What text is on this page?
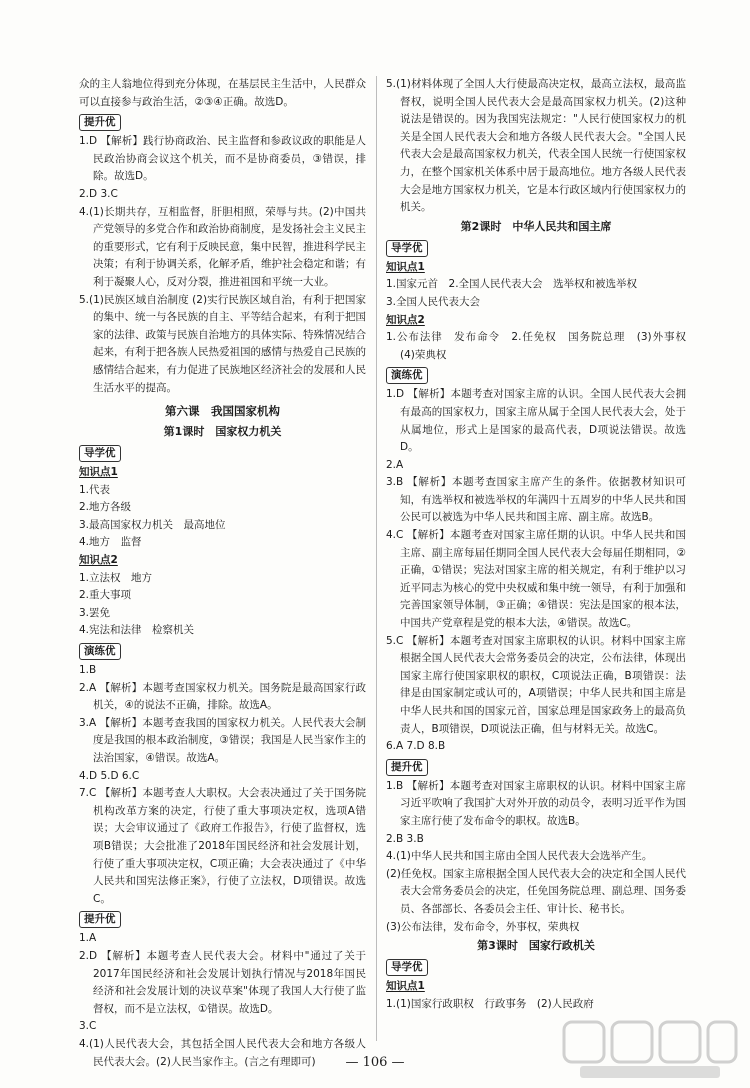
众的主人翁地位得到充分体现，在基层民主生活中，人民群众可以直接参与政治生活，②③④正确。故选D。

提升优

1.D 【解析】践行协商政治、民主监督和参政议政的职能是人民政治协商会议这个机关，而不是协商委员，③错误，排除。故选D。

2.D 3.C

4.(1)长期共存，互相监督，肝胆相照，荣辱与共。(2)中国共产党领导的多党合作和政治协商制度，是发扬社会主义民主的重要形式，它有利于反映民意，集中民智，推进科学民主决策；有利于协调关系，化解矛盾，维护社会稳定和谐；有利于凝聚人心，反对分裂，推进祖国和平统一大业。

5.(1)民族区域自治制度 (2)实行民族区域自治，有利于把国家的集中、统一与各民族的自主、平等结合起来，有利于把国家的法律、政策与民族自治地方的具体实际、特殊情况结合起来，有利于把各族人民热爱祖国的感情与热爱自己民族的感情结合起来，有力促进了民族地区经济社会的发展和人民生活水平的提高。

第六课　我国国家机构
第1课时　国家权力机关
导学优
知识点1

1.代表

2.地方各级

3.最高国家权力机关　最高地位

4.地方　监督

知识点2

1.立法权　地方

2.重大事项

3.罢免

4.宪法和法律　检察机关

演练优

1.B

2.A 【解析】本题考查国家权力机关。国务院是最高国家行政机关，④的说法不正确，排除。故选A。

3.A 【解析】本题考查我国的国家权力机关。人民代表大会制度是我国的根本政治制度，③错误；我国是人民当家作主的法治国家，④错误。故选A。

4.D 5.D 6.C

7.C 【解析】本题考查人大职权。大会表决通过了关于国务院机构改革方案的决定，行使了重大事项决定权，选项A错误；大会审议通过了《政府工作报告》，行使了监督权，选项B错误；大会批准了2018年国民经济和社会发展计划，行使了重大事项决定权，C项正确；大会表决通过了《中华人民共和国宪法修正案》，行使了立法权，D项错误。故选C。

提升优

1.A

2.D 【解析】本题考查人民代表大会。材料中"通过了关于2017年国民经济和社会发展计划执行情况与2018年国民经济和社会发展计划的决议草案"体现了我国人大行使了监督权，而不是立法权，①错误。故选D。

3.C

4.(1)人民代表大会，其包括全国人民代表大会和地方各级人民代表大会。(2)人民当家作主。(言之有理即可)

5.(1)材料体现了全国人大行使最高决定权，最高立法权，最高监督权，说明全国人民代表大会是最高国家权力机关。(2)这种说法是错误的。因为我国宪法规定："人民行使国家权力的机关是全国人民代表大会和地方各级人民代表大会。"全国人民代表大会是最高国家权力机关，代表全国人民统一行使国家权力，在整个国家机关体系中居于最高地位。地方各级人民代表大会是地方国家权力机关，它是本行政区域内行使国家权力的机关。

第2课时　中华人民共和国主席
导学优
知识点1

1.国家元首　2.全国人民代表大会　选举权和被选举权

3.全国人民代表大会

知识点2

1.公布法律　发布命令　2.任免权　国务院总理　(3)外事权　(4)荣典权

演练优

1.D 【解析】本题考查对国家主席的认识。全国人民代表大会拥有最高的国家权力，国家主席从属于全国人民代表大会，处于从属地位，形式上是国家的最高代表，D项说法错误。故选D。

2.A

3.B 【解析】本题考查国家主席产生的条件。依据教材知识可知，有选举权和被选举权的年满四十五周岁的中华人民共和国公民可以被选为中华人民共和国主席、副主席。故选B。

4.C 【解析】本题考查对国家主席任期的认识。中华人民共和国主席、副主席每届任期同全国人民代表大会每届任期相同，②正确，①错误；宪法对国家主席的相关规定，有利于维护以习近平同志为核心的党中央权威和集中统一领导，有利于加强和完善国家领导体制，③正确；④错误：宪法是国家的根本法，中国共产党章程是党的根本大法，④错误。故选C。

5.C 【解析】本题考查对国家主席职权的认识。材料中国家主席根据全国人民代表大会常务委员会的决定，公布法律，体现出国家主席行使国家职权的职权，C项说法正确，B项错误：法律是由国家制定或认可的，A项错误；中华人民共和国主席是中华人民共和国的国家元首，国家总理是国家政务上的最高负责人，B项错误，D项说法正确，但与材料无关。故选C。

6.A 7.D 8.B

提升优

1.B 【解析】本题考查对国家主席职权的认识。材料中国家主席习近平吹响了我国扩大对外开放的动员令，表明习近平作为国家主席行使了发布命令的职权。故选B。

2.B 3.B

4.(1)中华人民共和国主席由全国人民代表大会选举产生。

(2)任免权。国家主席根据全国人民代表大会的决定和全国人民代表大会常务委员会的决定，任免国务院总理、副总理、国务委员、各部部长、各委员会主任、审计长、秘书长。

(3)公布法律，发布命令，外事权，荣典权

第3课时　国家行政机关
导学优
知识点1

1.(1)国家行政职权　行政事务　(2)人民政府

— 106 —
